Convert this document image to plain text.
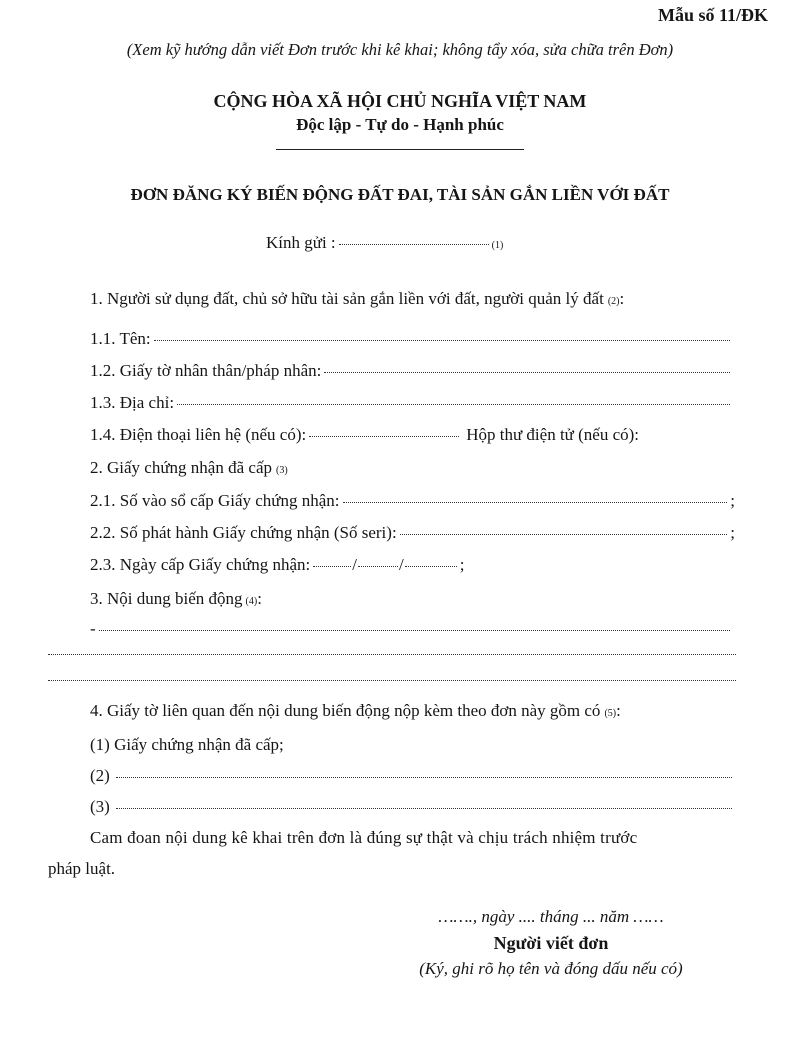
Mẫu số 11/ĐK
(Xem kỹ hướng dẫn viết Đơn trước khi kê khai; không tẩy xóa, sửa chữa trên Đơn)
CỘNG HÒA XÃ HỘI CHỦ NGHĨA VIỆT NAM
Độc lập - Tự do - Hạnh phúc
ĐƠN ĐĂNG KÝ BIẾN ĐỘNG ĐẤT ĐAI, TÀI SẢN GẮN LIỀN VỚI ĐẤT
Kính gửi :	(1)
1. Người sử dụng đất, chủ sở hữu tài sản gắn liền với đất, người quản lý đất (2) :
1.1. Tên:
1.2. Giấy tờ nhân thân/pháp nhân:
1.3. Địa chỉ:
1.4. Điện thoại liên hệ (nếu có):	Hộp thư điện tử (nếu có):
2. Giấy chứng nhận đã cấp (3)
2.1. Số vào sổ cấp Giấy chứng nhận:	;
2.2. Số phát hành Giấy chứng nhận (Số seri):	;
2.3. Ngày cấp Giấy chứng nhận: / /	;
3. Nội dung biến động (4) :
-
4. Giấy tờ liên quan đến nội dung biến động nộp kèm theo đơn này gồm có (5) :
(1) Giấy chứng nhận đã cấp;
(2)
(3)
Cam đoan nội dung kê khai trên đơn là đúng sự thật và chịu trách nhiệm trước
pháp luật.
……., ngày .... tháng ... năm ……
Người viết đơn
(Ký, ghi rõ họ tên và đóng dấu nếu có)
